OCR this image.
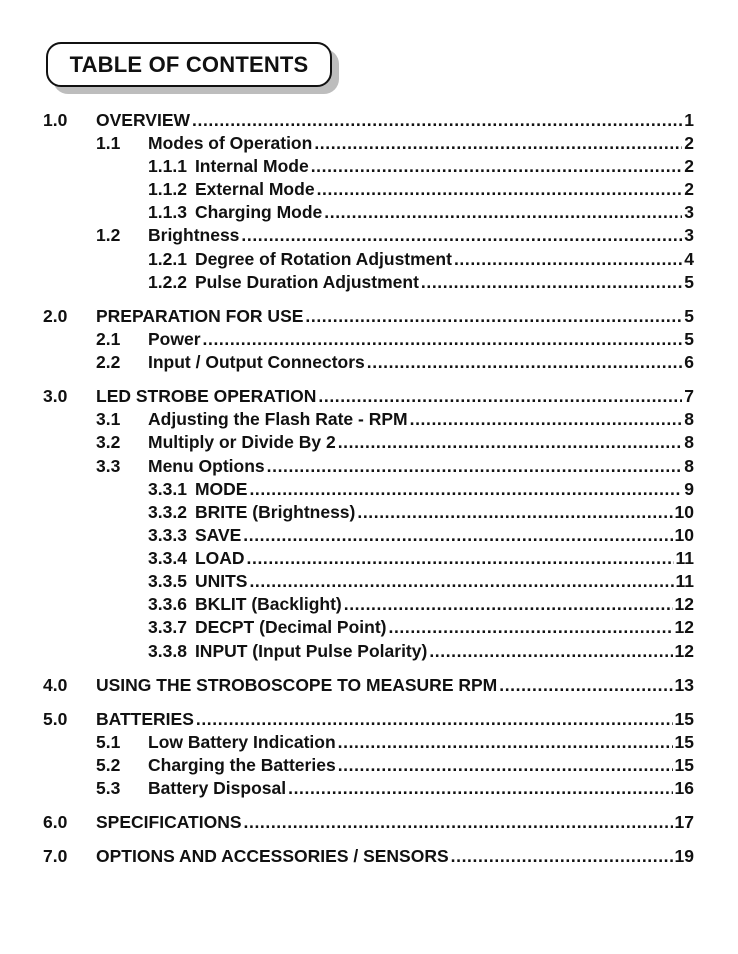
TABLE OF CONTENTS
1.0 OVERVIEW .....	1
1.1 Modes of Operation .....	2
1.1.1 Internal Mode .....	2
1.1.2 External Mode .....	2
1.1.3 Charging Mode .....	3
1.2 Brightness .....	3
1.2.1 Degree of Rotation Adjustment .....	4
1.2.2 Pulse Duration Adjustment .....	5
2.0 PREPARATION FOR USE .....	5
2.1 Power .....	5
2.2 Input / Output Connectors .....	6
3.0 LED STROBE OPERATION .....	7
3.1 Adjusting the Flash Rate - RPM .....	8
3.2 Multiply or Divide By 2 .....	8
3.3 Menu Options .....	8
3.3.1 MODE .....	9
3.3.2 BRITE (Brightness) .....	10
3.3.3 SAVE .....	10
3.3.4 LOAD .....	11
3.3.5 UNITS .....	11
3.3.6 BKLIT (Backlight) .....	12
3.3.7 DECPT (Decimal Point) .....	12
3.3.8 INPUT (Input Pulse Polarity) .....	12
4.0 USING THE STROBOSCOPE TO MEASURE RPM .....	13
5.0 BATTERIES .....	15
5.1 Low Battery Indication .....	15
5.2 Charging the Batteries .....	15
5.3 Battery Disposal .....	16
6.0 SPECIFICATIONS .....	17
7.0 OPTIONS AND ACCESSORIES / SENSORS .....	19
